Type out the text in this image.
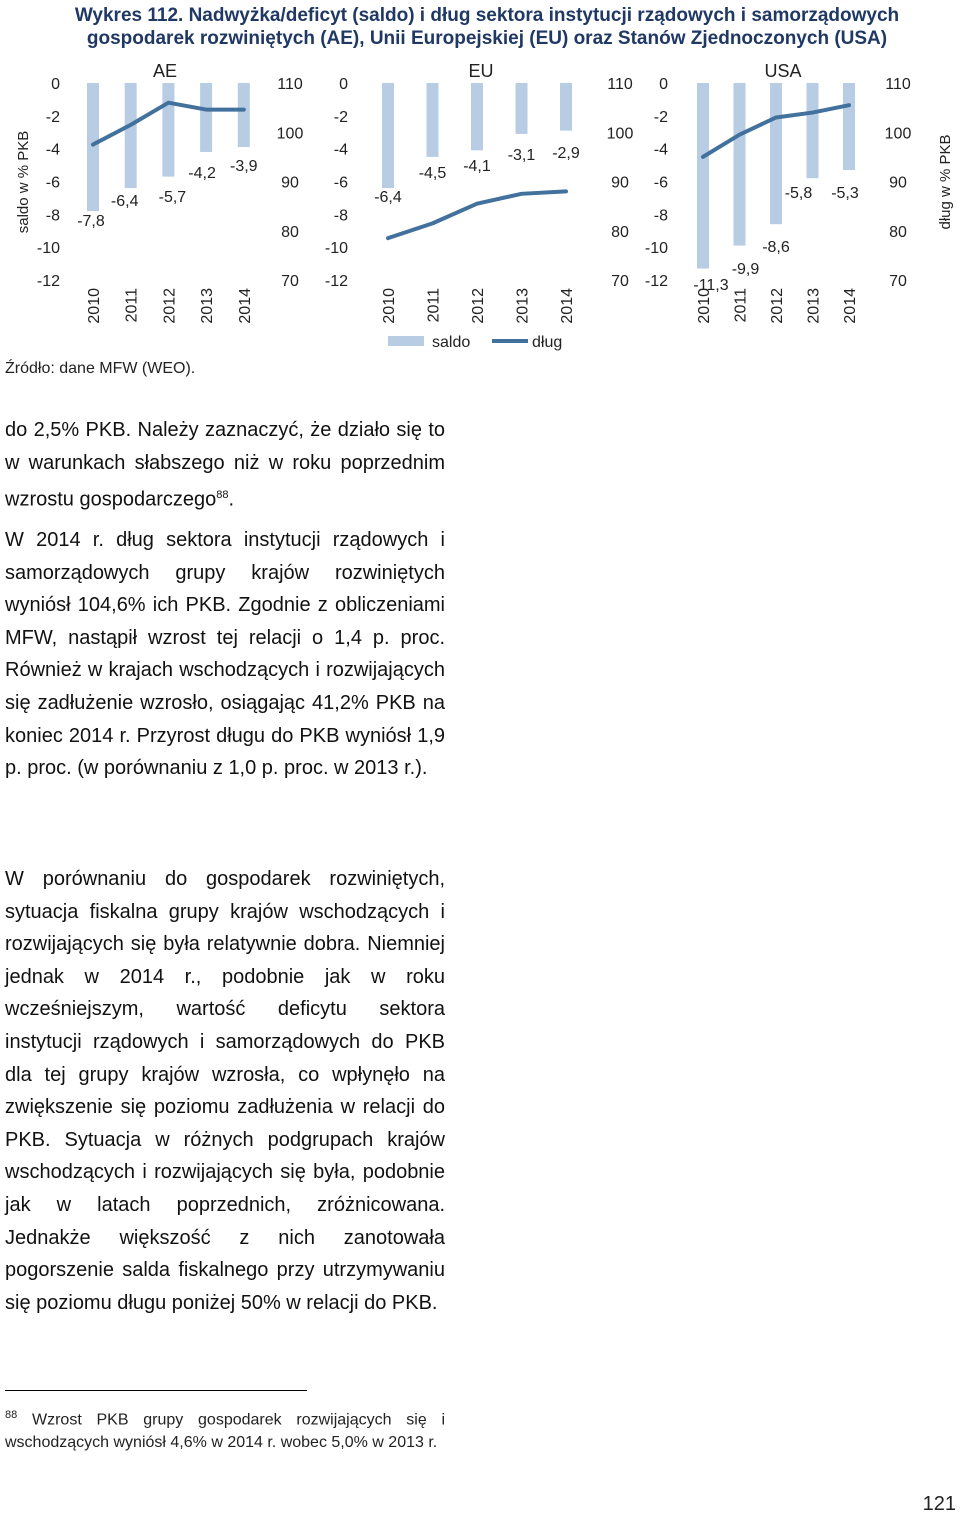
Wykres 112. Nadwyżka/deficyt (saldo) i dług sektora instytucji rządowych i samorządowych gospodarek rozwiniętych (AE), Unii Europejskiej (EU) oraz Stanów Zjednoczonych (USA)
AE
0
-2
-4
-6
-8
-10
-12
110
100
90
80
70
-7,8
-6,4 -5,7
-4,2 -3,9
2010 2011 2012 2013 2014
saldo w % PKB
EU
0
-2
-4
-6
-8
-10
-12
110
100
90
80
70
-6,4
-4,5 -4,1
-3,1 -2,9
2010 2011 2012 2013 2014
saldo	dług
USA
0
-2
-4
-6
-8
-10
-12
110
100
90
80
70
-11,3
-9,9
-8,6
-5,8 -5,3
2010 2011 2012 2013 2014
dług w % PKB
Źródło: dane MFW (WEO).

do 2,5% PKB. Należy zaznaczyć, że działo się to w warunkach słabszego niż w roku poprzednim wzrostu gospodarczego$^{88}$.

W 2014 r. dług sektora instytucji rządowych i samorządowych grupy krajów rozwiniętych wyniósł 104,6% ich PKB. Zgodnie z obliczeniami MFW, nastąpił wzrost tej relacji o 1,4 p. proc. Również w krajach wschodzących i rozwijających się zadłużenie wzrosło, osiągając 41,2% PKB na koniec 2014 r. Przyrost długu do PKB wyniósł 1,9 p. proc. (w porównaniu z 1,0 p. proc. w 2013 r.).

W porównaniu do gospodarek rozwiniętych, sytuacja fiskalna grupy krajów wschodzących i rozwijających się była relatywnie dobra. Niemniej jednak w 2014 r., podobnie jak w roku wcześniejszym, wartość deficytu sektora instytucji rządowych i samorządowych do PKB dla tej grupy krajów wzrosła, co wpłynęło na zwiększenie się poziomu zadłużenia w relacji do PKB. Sytuacja w różnych podgrupach krajów wschodzących i rozwijających się była, podobnie jak w latach poprzednich, zróżnicowana. Jednakże większość z nich zanotowała pogorszenie salda fiskalnego przy utrzymywaniu się poziomu długu poniżej 50% w relacji do PKB.

$^{88}$ Wzrost PKB grupy gospodarek rozwijających się i wschodzących wyniósł 4,6% w 2014 r. wobec 5,0% w 2013 r.
121
